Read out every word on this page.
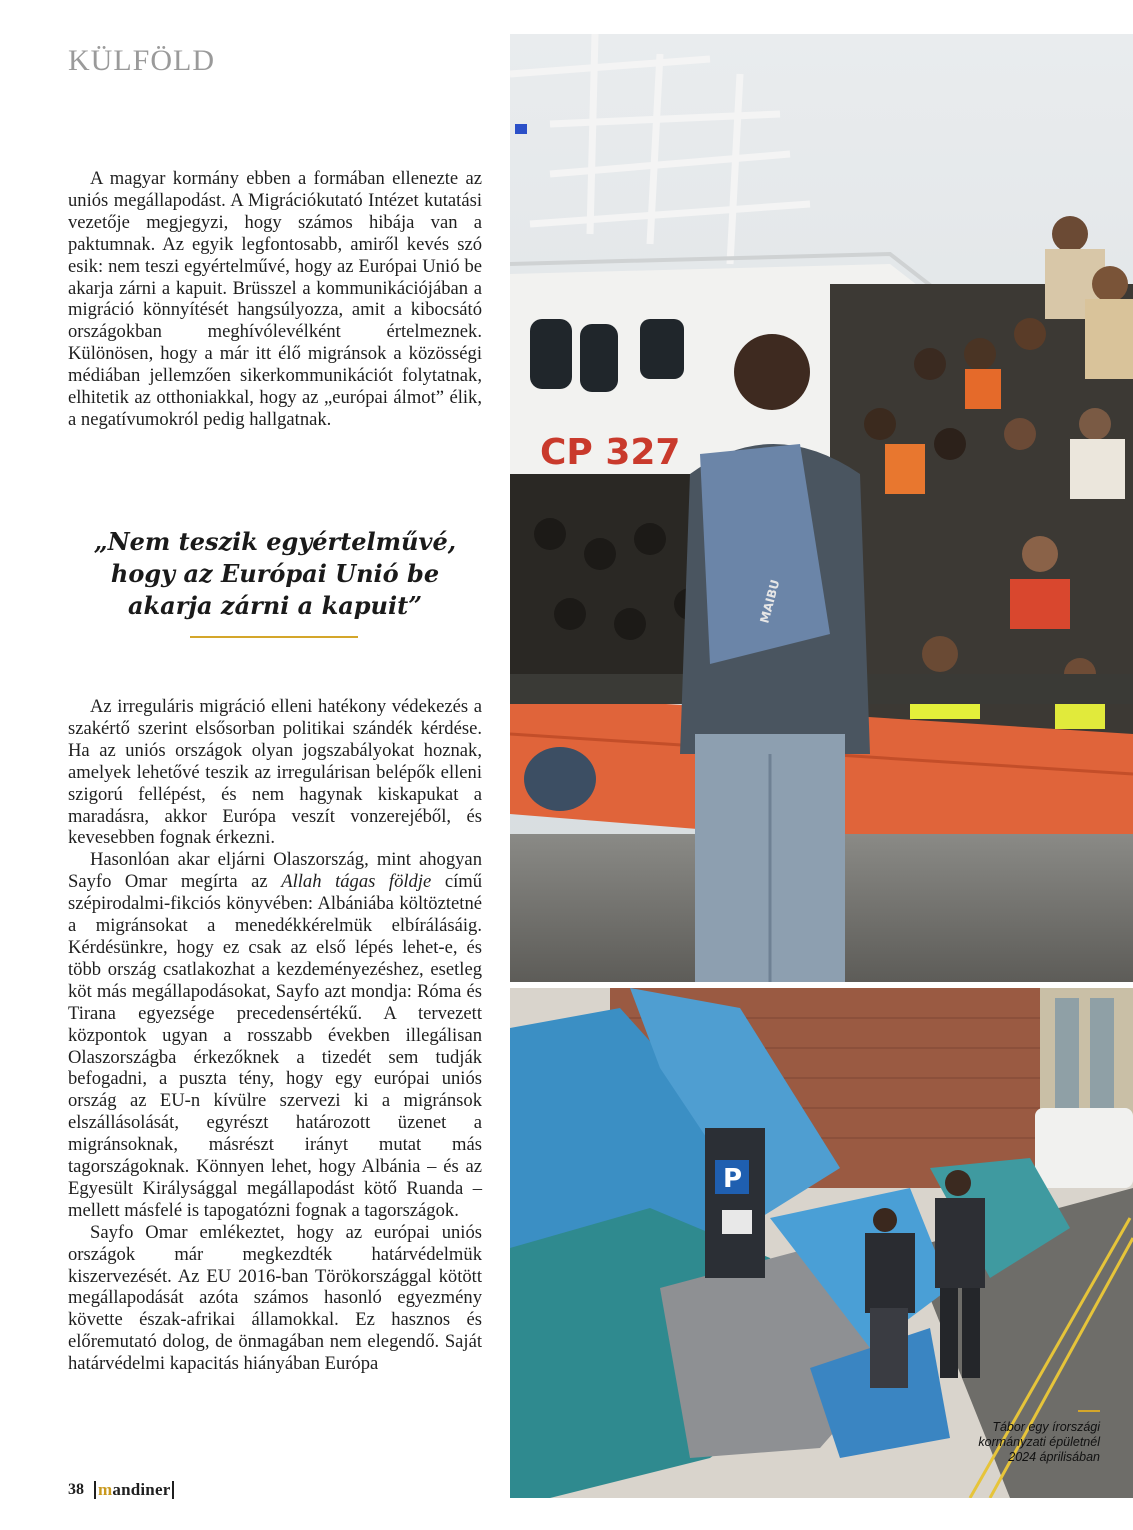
KÜLFÖLD

A magyar kormány ebben a formában ellenezte az uniós megállapodást. A Migrációkutató Intézet kutatási vezetője megjegyzi, hogy számos hibája van a paktumnak. Az egyik legfontosabb, amiről kevés szó esik: nem teszi egyértelművé, hogy az Európai Unió be akarja zárni a kapuit. Brüsszel a kommunikációjában a migráció könnyítését hangsúlyozza, amit a kibocsátó országokban meghívólevélként értelmeznek. Különösen, hogy a már itt élő migránsok a közösségi médiában jellemzően sikerkommunikációt folytatnak, elhitetik az otthoniakkal, hogy az „európai álmot” élik, a negatívumokról pedig hallgatnak.

„Nem teszik egyértelművé, hogy az Európai Unió be akarja zárni a kapuit”

Az irreguláris migráció elleni hatékony védekezés a szakértő szerint elsősorban politikai szándék kérdése. Ha az uniós országok olyan jogszabályokat hoznak, amelyek lehetővé teszik az irregulárisan belépők elleni szigorú fellépést, és nem hagynak kiskapukat a maradásra, akkor Európa veszít vonzerejéből, és kevesebben fognak érkezni.

Hasonlóan akar eljárni Olaszország, mint ahogyan Sayfo Omar megírta az Allah tágas földje című szépirodalmi-fikciós könyvében: Albániába költöztetné a migránsokat a menedékkérelmük elbírálásáig. Kérdésünkre, hogy ez csak az első lépés lehet-e, és több ország csatlakozhat a kezdeményezéshez, esetleg köt más megállapodásokat, Sayfo azt mondja: Róma és Tirana egyezsége precedensértékű. A tervezett központok ugyan a rosszabb években illegálisan Olaszországba érkezőknek a tizedét sem tudják befogadni, a puszta tény, hogy egy európai uniós ország az EU-n kívülre szervezi ki a migránsok elszállásolását, egyrészt határozott üzenet a migránsoknak, másrészt irányt mutat más tagországoknak. Könnyen lehet, hogy Albánia – és az Egyesült Királysággal megállapodást kötő Ruanda – mellett másfelé is tapogatózni fognak a tagországok.

Sayfo Omar emlékeztet, hogy az európai uniós országok már megkezdték határvédelmük kiszervezését. Az EU 2016-ban Törökországgal kötött megállapodását azóta számos hasonló egyezmény követte észak-afrikai államokkal. Ez hasznos és előremutató dolog, de önmagában nem elegendő. Saját határvédelmi kapacitás hiányában Európa

CP 327
MAIBU
P
Tábor egy írországi
kormányzati épületnél
2024 áprilisában
38 mandiner
